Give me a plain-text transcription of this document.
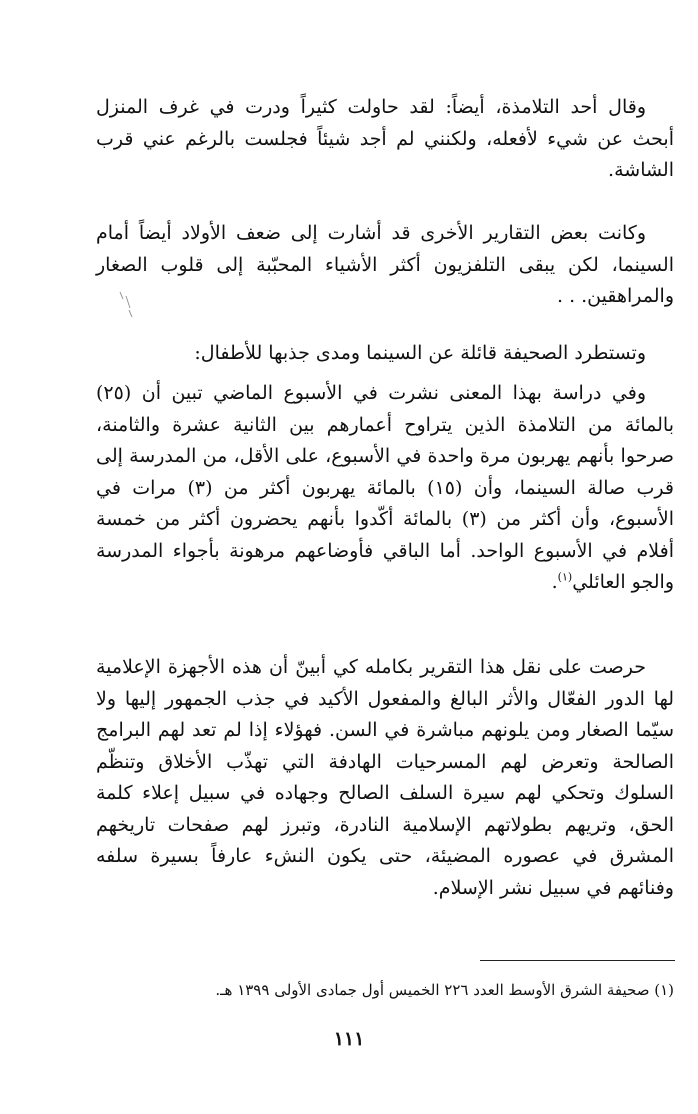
وقال أحد التلامذة، أيضاً: لقد حاولت كثيراً ودرت في غرف المنزل أبحث عن شيء لأفعله، ولكنني لم أجد شيئاً فجلست بالرغم عني قرب الشاشة.

وكانت بعض التقارير الأخرى قد أشارت إلى ضعف الأولاد أيضاً أمام السينما، لكن يبقى التلفزيون أكثر الأشياء المحبّبة إلى قلوب الصغار والمراهقين. . .

وتستطرد الصحيفة قائلة عن السينما ومدى جذبها للأطفال:

وفي دراسة بهذا المعنى نشرت في الأسبوع الماضي تبين أن (٢٥) بالمائة من التلامذة الذين يتراوح أعمارهم بين الثانية عشرة والثامنة، صرحوا بأنهم يهربون مرة واحدة في الأسبوع، على الأقل، من المدرسة إلى قرب صالة السينما، وأن (١٥) بالمائة يهربون أكثر من (٣) مرات في الأسبوع، وأن أكثر من (٣) بالمائة أكّدوا بأنهم يحضرون أكثر من خمسة أفلام في الأسبوع الواحد. أما الباقي فأوضاعهم مرهونة بأجواء المدرسة والجو العائلي$^{(١)}$.

حرصت على نقل هذا التقرير بكامله كي أبينّ أن هذه الأجهزة الإعلامية لها الدور الفعّال والأثر البالغ والمفعول الأكيد في جذب الجمهور إليها ولا سيّما الصغار ومن يلونهم مباشرة في السن. فهؤلاء إذا لم تعد لهم البرامج الصالحة وتعرض لهم المسرحيات الهادفة التي تهذّب الأخلاق وتنظّم السلوك وتحكي لهم سيرة السلف الصالح وجهاده في سبيل إعلاء كلمة الحق، وتريهم بطولاتهم الإسلامية النادرة، وتبرز لهم صفحات تاريخهم المشرق في عصوره المضيئة، حتى يكون النشء عارفاً بسيرة سلفه وفنائهم في سبيل نشر الإسلام.

(١) صحيفة الشرق الأوسط العدد ٢٢٦ الخميس أول جمادى الأولى ١٣٩٩ هـ.

١١١
